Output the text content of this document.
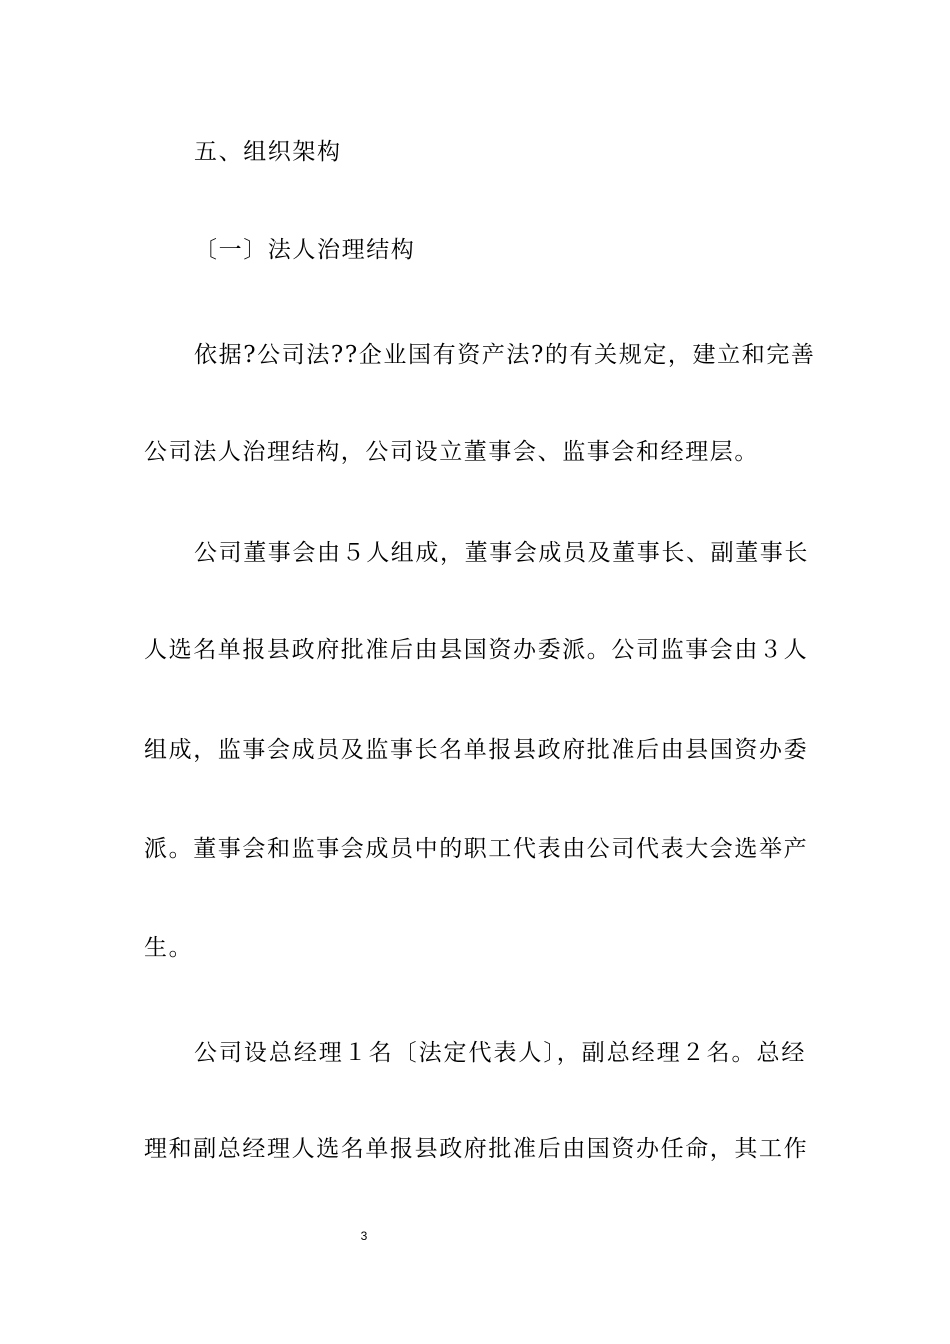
五、组织架构
〔一〕法人治理结构
依据?公司法??企业国有资产法?的有关规定，建立和完善
公司法人治理结构，公司设立董事会、监事会和经理层。
公司董事会由５人组成，董事会成员及董事长、副董事长
人选名单报县政府批准后由县国资办委派。公司监事会由３人
组成，监事会成员及监事长名单报县政府批准后由县国资办委
派。董事会和监事会成员中的职工代表由公司代表大会选举产
生。
公司设总经理１名〔法定代表人〕，副总经理２名。总经
理和副总经理人选名单报县政府批准后由国资办任命，其工作
3
